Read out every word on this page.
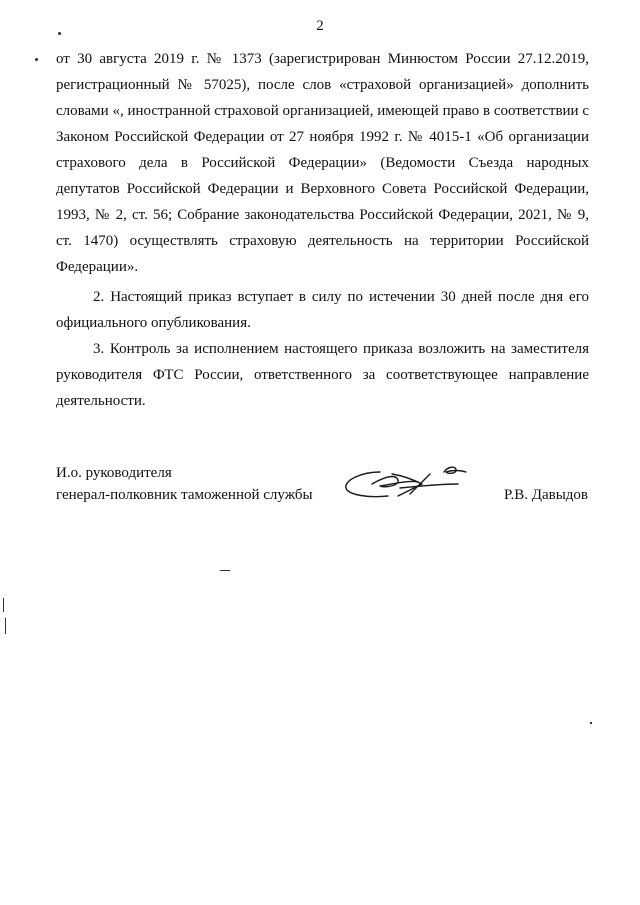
2

от 30 августа 2019 г. № 1373 (зарегистрирован Минюстом России 27.12.2019, регистрационный № 57025), после слов «страховой организацией» дополнить словами «, иностранной страховой организацией, имеющей право в соответствии с Законом Российской Федерации от 27 ноября 1992 г. № 4015-1 «Об организации страхового дела в Российской Федерации» (Ведомости Съезда народных депутатов Российской Федерации и Верховного Совета Российской Федерации, 1993, № 2, ст. 56; Собрание законодательства Российской Федерации, 2021, № 9, ст. 1470) осуществлять страховую деятельность на территории Российской Федерации».

2. Настоящий приказ вступает в силу по истечении 30 дней после дня его официального опубликования.

3. Контроль за исполнением настоящего приказа возложить на заместителя руководителя ФТС России, ответственного за соответствующее направление деятельности.

И.о. руководителя
генерал-полковник таможенной службы	Р.В. Давыдов
